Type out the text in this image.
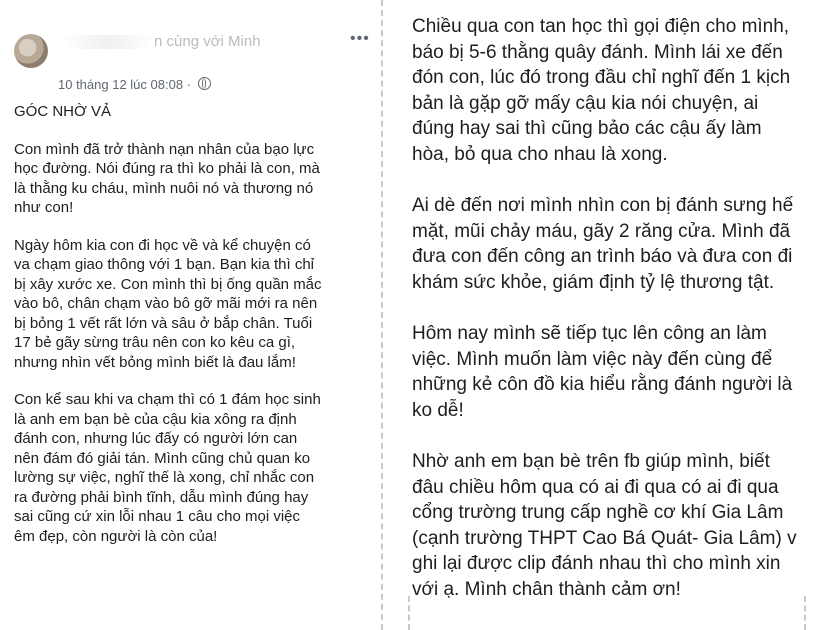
n cùng với Minh	•••
10 tháng 12 lúc 08:08 ·

GÓC NHỜ VẢ

Con mình đã trở thành nạn nhân của bạo lực
học đường. Nói đúng ra thì ko phải là con, mà
là thằng ku cháu, mình nuôi nó và thương nó
như con!

Ngày hôm kia con đi học về và kể chuyện có
va chạm giao thông với 1 bạn. Bạn kia thì chỉ
bị xây xước xe. Con mình thì bị ống quần mắc
vào bô, chân chạm vào bô gỡ mãi mới ra nên
bị bỏng 1 vết rất lớn và sâu ở bắp chân. Tuổi
17 bẻ gãy sừng trâu nên con ko kêu ca gì,
nhưng nhìn vết bỏng mình biết là đau lắm!

Con kể sau khi va chạm thì có 1 đám học sinh
là anh em bạn bè của cậu kia xông ra định
đánh con, nhưng lúc đấy có người lớn can
nên đám đó giải tán. Mình cũng chủ quan ko
lường sự việc, nghĩ thế là xong, chỉ nhắc con
ra đường phải bình tĩnh, dẫu mình đúng hay
sai cũng cứ xin lỗi nhau 1 câu cho mọi việc
êm đẹp, còn người là còn của!

Chiều qua con tan học thì gọi điện cho mình,
báo bị 5-6 thằng quây đánh. Mình lái xe đến
đón con, lúc đó trong đầu chỉ nghĩ đến 1 kịch
bản là gặp gỡ mấy cậu kia nói chuyện, ai
đúng hay sai thì cũng bảo các cậu ấy làm
hòa, bỏ qua cho nhau là xong.

Ai dè đến nơi mình nhìn con bị đánh sưng hế
mặt, mũi chảy máu, gãy 2 răng cửa. Mình đã
đưa con đến công an trình báo và đưa con đi
khám sức khỏe, giám định tỷ lệ thương tật.

Hôm nay mình sẽ tiếp tục lên công an làm
việc. Mình muốn làm việc này đến cùng để
những kẻ côn đồ kia hiểu rằng đánh người là
ko dễ!

Nhờ anh em bạn bè trên fb giúp mình, biết
đâu chiều hôm qua có ai đi qua có ai đi qua
cổng trường trung cấp nghề cơ khí Gia Lâm
(cạnh trường THPT Cao Bá Quát- Gia Lâm) v
ghi lại được clip đánh nhau thì cho mình xin
với ạ. Mình chân thành cảm ơn!
